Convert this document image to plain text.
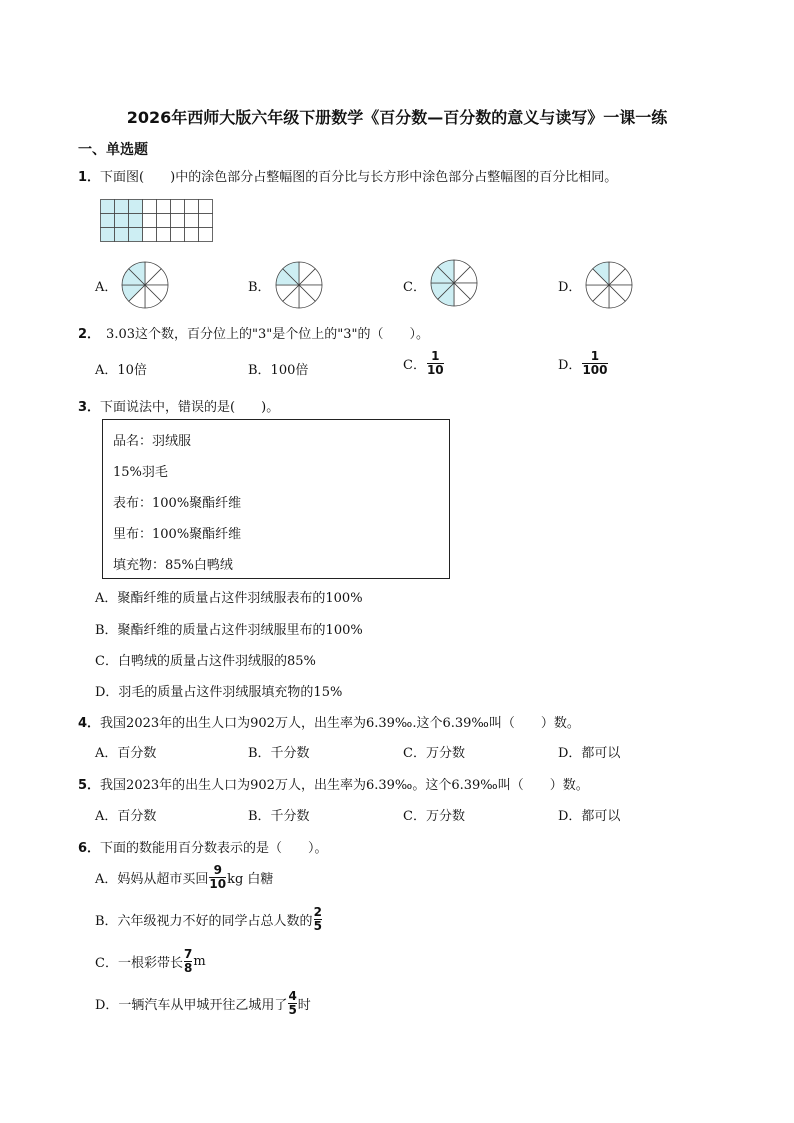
2026年西师大版六年级下册数学《百分数—百分数的意义与读写》一课一练
一、单选题
1．下面图(　　)中的涂色部分占整幅图的百分比与长方形中涂色部分占整幅图的百分比相同。
A．	B．	C．	D．
2． 3.03这个数，百分位上的"3"是个位上的"3"的（　　）。
A．10倍	B．100倍	C． $\frac{1}{10}$	D． $\frac{1}{100}$
3．下面说法中，错误的是(　　)。
品名：羽绒服
15%羽毛
表布：100%聚酯纤维
里布：100%聚酯纤维
填充物：85%白鸭绒
A．聚酯纤维的质量占这件羽绒服表布的100%
B．聚酯纤维的质量占这件羽绒服里布的100%
C．白鸭绒的质量占这件羽绒服的85%
D．羽毛的质量占这件羽绒服填充物的15%
4．我国2023年的出生人口为902万人，出生率为6.39‰.这个6.39‰叫（　　）数。
A．百分数	B．千分数	C．万分数	D．都可以
5．我国2023年的出生人口为902万人，出生率为6.39‰。这个6.39‰叫（　　）数。
A．百分数	B．千分数	C．万分数	D．都可以
6．下面的数能用百分数表示的是（　　）。
A．妈妈从超市买回 $\frac{9}{10}$ kg 白糖
B．六年级视力不好的同学占总人数的 $\frac{2}{5}$
C．一根彩带长 $\frac{7}{8}$ m
D．一辆汽车从甲城开往乙城用了 $\frac{4}{5}$ 时
